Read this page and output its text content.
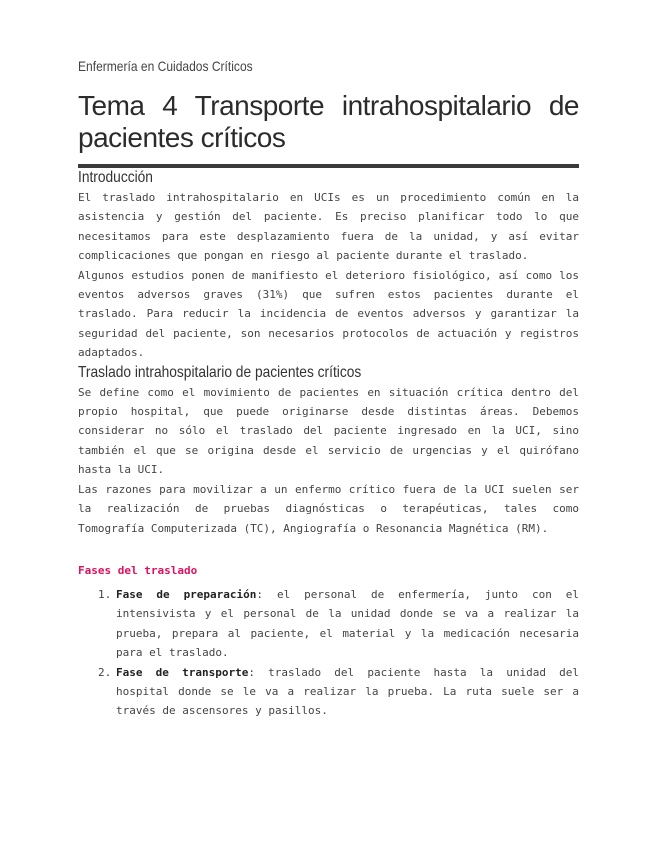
Enfermería en Cuidados Críticos
Tema 4 Transporte intrahospitalario de pacientes críticos
Introducción

El traslado intrahospitalario en UCIs es un procedimiento común en la asistencia y gestión del paciente. Es preciso planificar todo lo que necesitamos para este desplazamiento fuera de la unidad, y así evitar complicaciones que pongan en riesgo al paciente durante el traslado.

Algunos estudios ponen de manifiesto el deterioro fisiológico, así como los eventos adversos graves (31%) que sufren estos pacientes durante el traslado. Para reducir la incidencia de eventos adversos y garantizar la seguridad del paciente, son necesarios protocolos de actuación y registros adaptados.

Traslado intrahospitalario de pacientes críticos

Se define como el movimiento de pacientes en situación crítica dentro del propio hospital, que puede originarse desde distintas áreas. Debemos considerar no sólo el traslado del paciente ingresado en la UCI, sino también el que se origina desde el servicio de urgencias y el quirófano hasta la UCI.

Las razones para movilizar a un enfermo crítico fuera de la UCI suelen ser la realización de pruebas diagnósticas o terapéuticas, tales como Tomografía Computerizada (TC), Angiografía o Resonancia Magnética (RM).

Fases del traslado
1. Fase de preparación: el personal de enfermería, junto con el intensivista y el personal de la unidad donde se va a realizar la prueba, prepara al paciente, el material y la medicación necesaria para el traslado.
2. Fase de transporte: traslado del paciente hasta la unidad del hospital donde se le va a realizar la prueba. La ruta suele ser a través de ascensores y pasillos.
